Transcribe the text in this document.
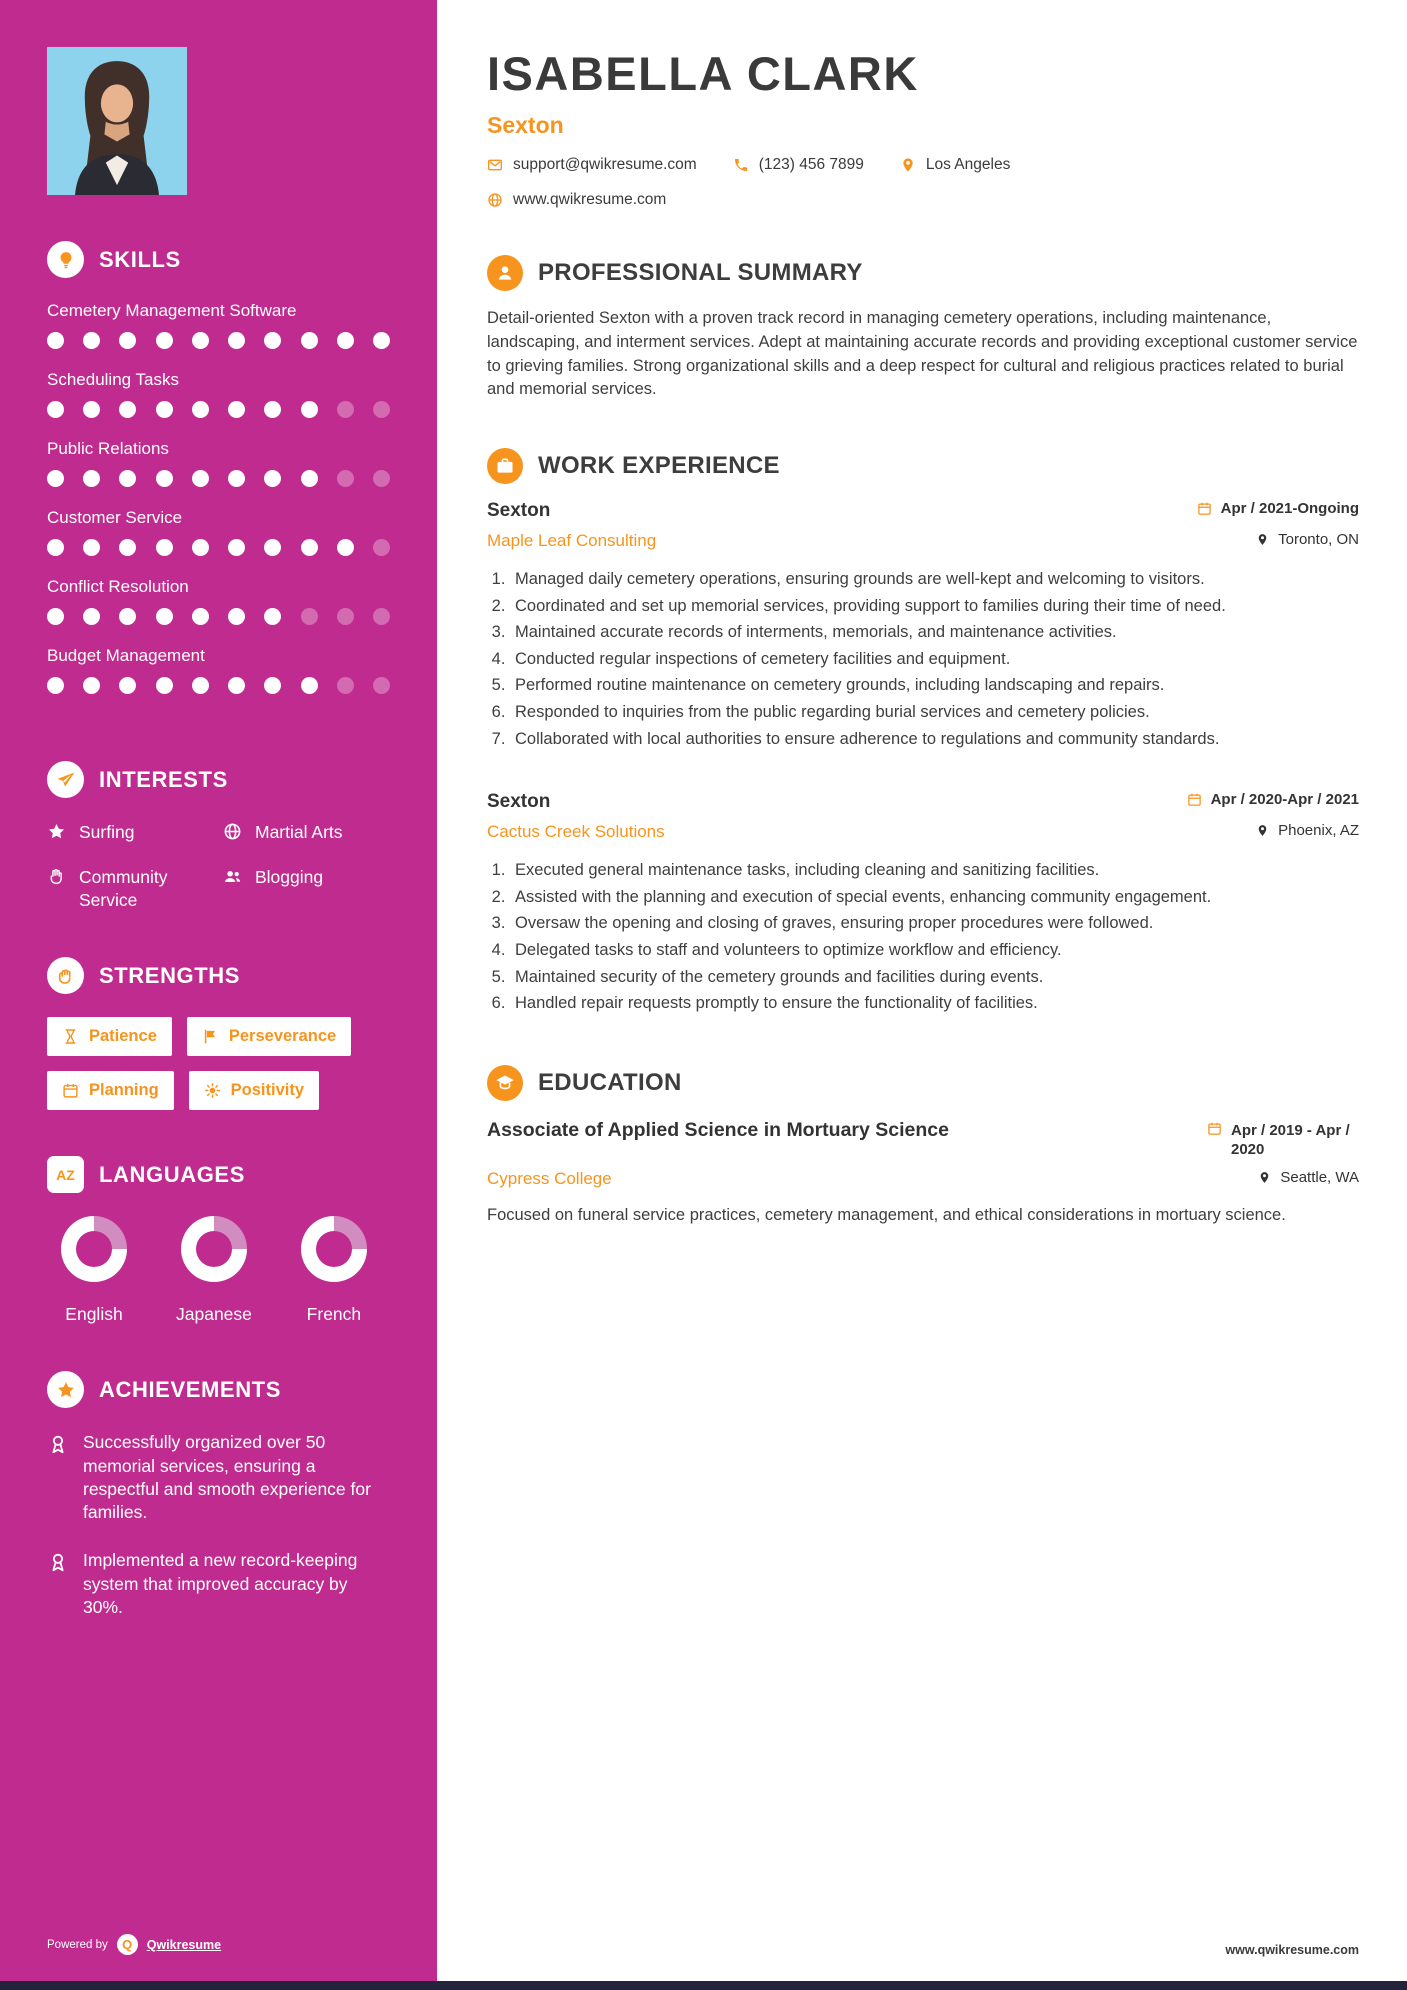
SKILLS
Cemetery Management Software
Scheduling Tasks
Public Relations
Customer Service
Conflict Resolution
Budget Management
INTERESTS
Surfing	Martial Arts
Community Service
Blogging
STRENGTHS
Patience	Perseverance
Planning	Positivity
AZ	LANGUAGES
English	Japanese	French
ACHIEVEMENTS
Successfully organized over 50 memorial services, ensuring a respectful and smooth experience for families.
Implemented a new record-keeping system that improved accuracy by 30%.
Powered by	Q	Qwikresume
ISABELLA CLARK
Sexton
support@qwikresume.com	(123) 456 7899	Los Angeles
www.qwikresume.com
PROFESSIONAL SUMMARY

Detail-oriented Sexton with a proven track record in managing cemetery operations, including maintenance, landscaping, and interment services. Adept at maintaining accurate records and providing exceptional customer service to grieving families. Strong organizational skills and a deep respect for cultural and religious practices related to burial and memorial services.

WORK EXPERIENCE
Sexton	Apr / 2021-Ongoing
Maple Leaf Consulting	Toronto, ON
1. Managed daily cemetery operations, ensuring grounds are well-kept and welcoming to visitors.
2. Coordinated and set up memorial services, providing support to families during their time of need.
3. Maintained accurate records of interments, memorials, and maintenance activities.
4. Conducted regular inspections of cemetery facilities and equipment.
5. Performed routine maintenance on cemetery grounds, including landscaping and repairs.
6. Responded to inquiries from the public regarding burial services and cemetery policies.
7. Collaborated with local authorities to ensure adherence to regulations and community standards.
Sexton	Apr / 2020-Apr / 2021
Cactus Creek Solutions	Phoenix, AZ
1. Executed general maintenance tasks, including cleaning and sanitizing facilities.
2. Assisted with the planning and execution of special events, enhancing community engagement.
3. Oversaw the opening and closing of graves, ensuring proper procedures were followed.
4. Delegated tasks to staff and volunteers to optimize workflow and efficiency.
5. Maintained security of the cemetery grounds and facilities during events.
6. Handled repair requests promptly to ensure the functionality of facilities.
EDUCATION
Associate of Applied Science in Mortuary Science	Apr / 2019 - Apr / 2020
Cypress College	Seattle, WA

Focused on funeral service practices, cemetery management, and ethical considerations in mortuary science.

www.qwikresume.com
